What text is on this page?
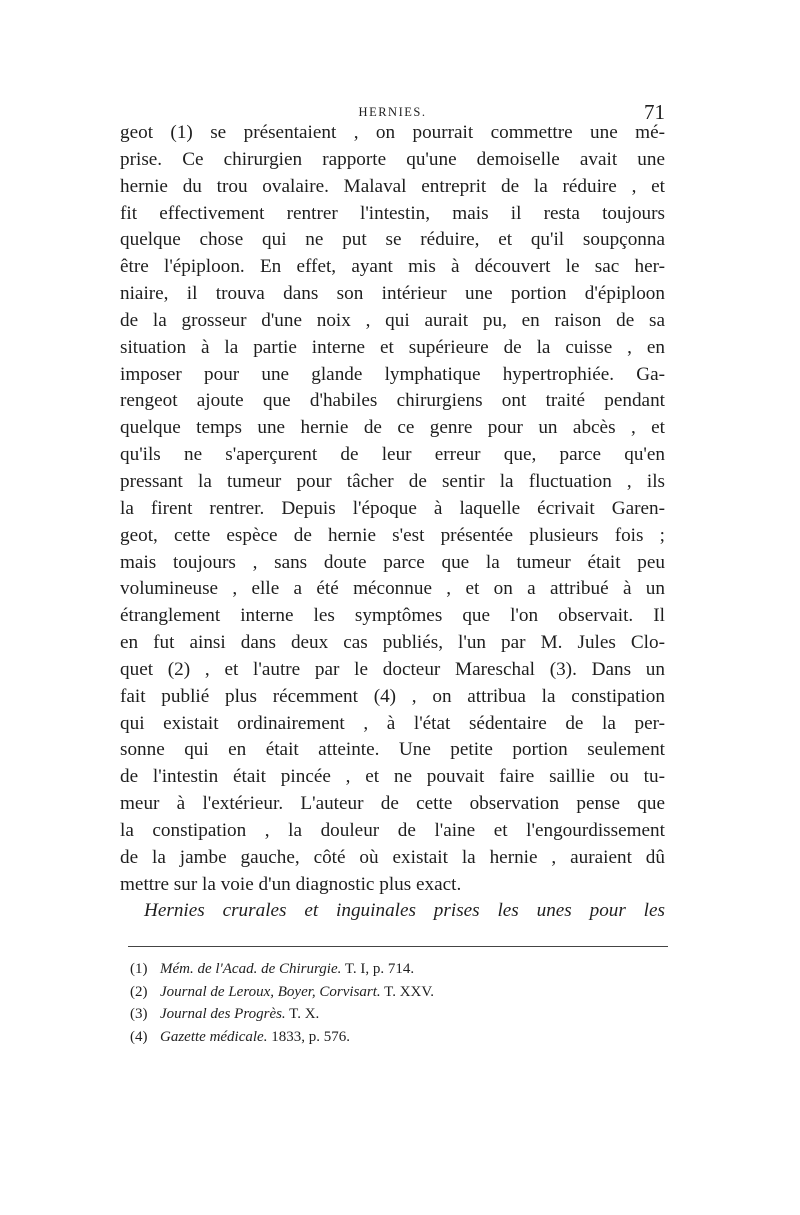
HERNIES.	71
geot (1) se présentaient , on pourrait commettre une mé-
prise. Ce chirurgien rapporte qu'une demoiselle avait une
hernie du trou ovalaire. Malaval entreprit de la réduire , et
fit effectivement rentrer l'intestin, mais il resta toujours
quelque chose qui ne put se réduire, et qu'il soupçonna
être l'épiploon. En effet, ayant mis à découvert le sac her-
niaire, il trouva dans son intérieur une portion d'épiploon
de la grosseur d'une noix , qui aurait pu, en raison de sa
situation à la partie interne et supérieure de la cuisse , en
imposer pour une glande lymphatique hypertrophiée. Ga-
rengeot ajoute que d'habiles chirurgiens ont traité pendant
quelque temps une hernie de ce genre pour un abcès , et
qu'ils ne s'aperçurent de leur erreur que, parce qu'en
pressant la tumeur pour tâcher de sentir la fluctuation , ils
la firent rentrer. Depuis l'époque à laquelle écrivait Garen-
geot, cette espèce de hernie s'est présentée plusieurs fois ;
mais toujours , sans doute parce que la tumeur était peu
volumineuse , elle a été méconnue , et on a attribué à un
étranglement interne les symptômes que l'on observait. Il
en fut ainsi dans deux cas publiés, l'un par M. Jules Clo-
quet (2) , et l'autre par le docteur Mareschal (3). Dans un
fait publié plus récemment (4) , on attribua la constipation
qui existait ordinairement , à l'état sédentaire de la per-
sonne qui en était atteinte. Une petite portion seulement
de l'intestin était pincée , et ne pouvait faire saillie ou tu-
meur à l'extérieur. L'auteur de cette observation pense que
la constipation , la douleur de l'aine et l'engourdissement
de la jambe gauche, côté où existait la hernie , auraient dû
mettre sur la voie d'un diagnostic plus exact.
Hernies crurales et inguinales prises les unes pour les
(1) Mém. de l'Acad. de Chirurgie. T. I, p. 714.
(2) Journal de Leroux, Boyer, Corvisart. T. XXV.
(3) Journal des Progrès. T. X.
(4) Gazette médicale. 1833, p. 576.
